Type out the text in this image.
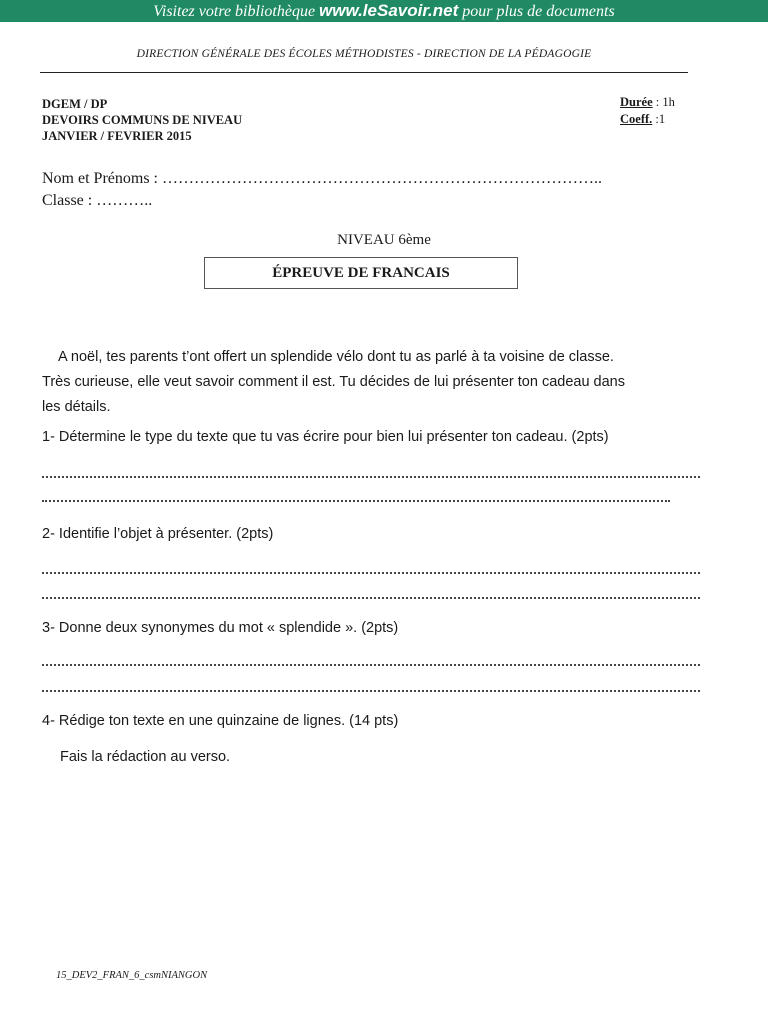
Visitez votre bibliothèque www.leSavoir.net pour plus de documents
DIRECTION GÉNÉRALE DES ÉCOLES MÉTHODISTES - DIRECTION DE LA PÉDAGOGIE
DGEM / DP
DEVOIRS COMMUNS DE NIVEAU
JANVIER / FEVRIER 2015
Durée : 1h
Coeff. :1
Nom et Prénoms : ………………………………………………………………………..
Classe : ………..
NIVEAU 6ème
ÉPREUVE DE FRANCAIS
A noël, tes parents t’ont offert un splendide vélo dont tu as parlé à ta voisine de classe.
Très curieuse, elle veut savoir comment il est. Tu décides de lui présenter ton cadeau dans
les détails.
1- Détermine le type du texte que tu vas écrire pour bien lui présenter ton cadeau. (2pts)
2- Identifie l’objet à présenter. (2pts)
3- Donne deux synonymes du mot « splendide ». (2pts)
4- Rédige ton texte en une quinzaine de lignes. (14 pts)
Fais la rédaction au verso.
15_DEV2_FRAN_6_csmNIANGON
